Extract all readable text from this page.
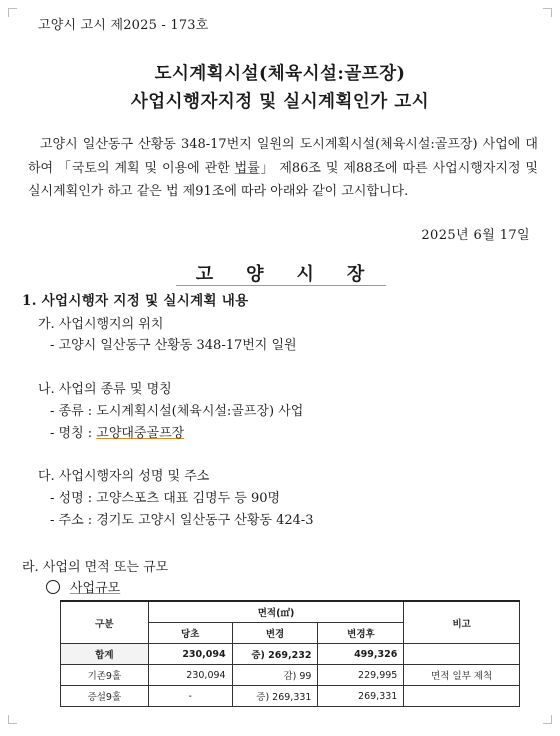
고양시 고시 제2025 - 173호
도시계획시설(체육시설:골프장)
사업시행자지정 및 실시계획인가 고시
고양시 일산동구 산황동 348-17번지 일원의 도시계획시설(체육시설:골프장) 사업에 대하여 「국토의 계획 및 이용에 관한 법률」 제86조 및 제88조에 따른 사업시행자지정 및 실시계획인가 하고 같은 법 제91조에 따라 아래와 같이 고시합니다.
2025년 6월 17일
고양시장
1. 사업시행자 지정 및 실시계획 내용
가. 사업시행지의 위치
- 고양시 일산동구 산황동 348-17번지 일원
나. 사업의 종류 및 명칭
- 종류 : 도시계획시설(체육시설:골프장) 사업
- 명칭 : 고양대중골프장
다. 사업시행자의 성명 및 주소
- 성명 : 고양스포츠 대표 김명두 등 90명
- 주소 : 경기도 고양시 일산동구 산황동 424-3
라. 사업의 면적 또는 규모
사업규모
구분	면적(㎡)			비고
	당초	변경	변경후	
합계	230,094	증) 269,232	499,326	
기존9홀	230,094	감) 99	229,995	면적 일부 제척
증설9홀	-	증) 269,331	269,331	
